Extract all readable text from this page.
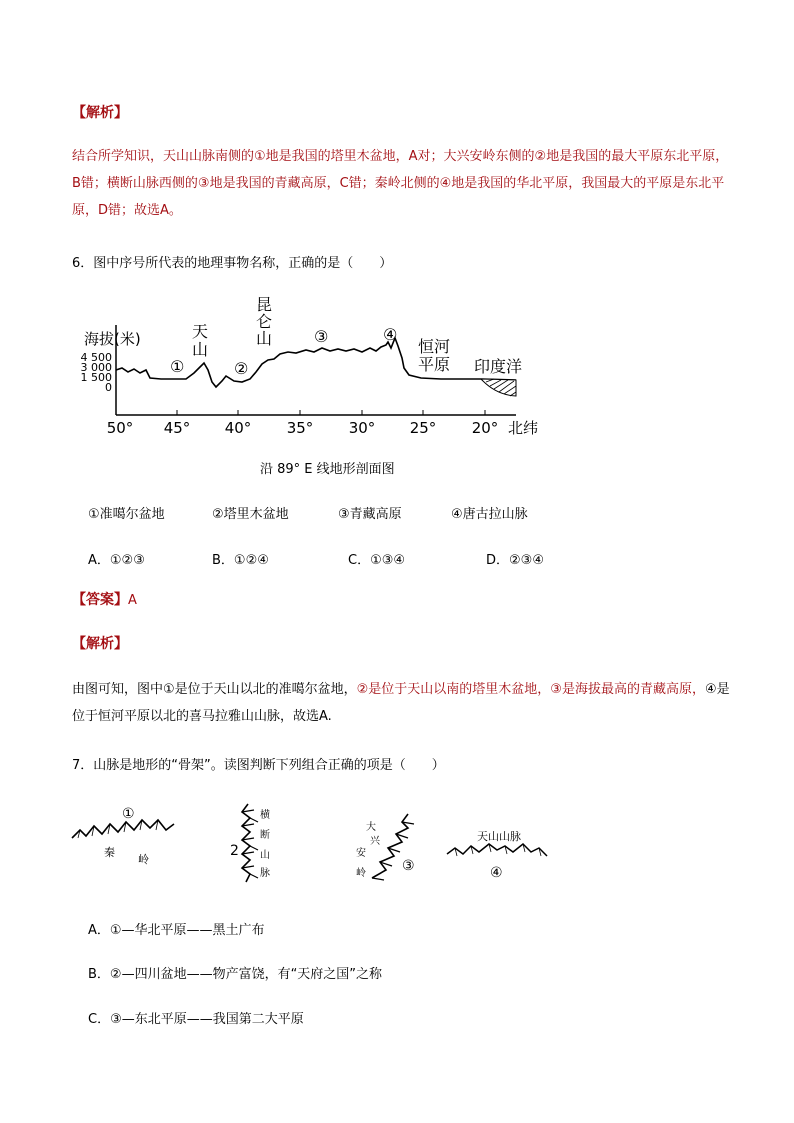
【解析】
结合所学知识，天山山脉南侧的①地是我国的塔里木盆地，A对；大兴安岭东侧的②地是我国的最大平原东北平原，B错；横断山脉西侧的③地是我国的青藏高原，C错；秦岭北侧的④地是我国的华北平原，我国最大的平原是东北平原，D错；故选A。
6．图中序号所代表的地理事物名称，正确的是（　　）
海拔(米)
4 500
3 000
1 500
0
50° 45° 40° 35° 30° 25° 20° 北纬
天
山
昆
仑
山	恒河
平原 印度洋
①	②
③	④
沿 89° E 线地形剖面图
①准噶尔盆地	②塔里木盆地	③青藏高原	④唐古拉山脉
A．①②③	B．①②④	C．①③④	D．②③④
【答案】A
【解析】
由图可知，图中①是位于天山以北的准噶尔盆地，②是位于天山以南的塔里木盆地，③是海拔最高的青藏高原，④是位于恒河平原以北的喜马拉雅山山脉，故选A.
7．山脉是地形的“骨架”。读图判断下列组合正确的项是（　　）
①
秦
岭
2
横
断
山
脉
大
兴
安
岭	③
天山山脉
④
A．①—华北平原——黑土广布
B．②—四川盆地——物产富饶，有“天府之国”之称
C．③—东北平原——我国第二大平原
